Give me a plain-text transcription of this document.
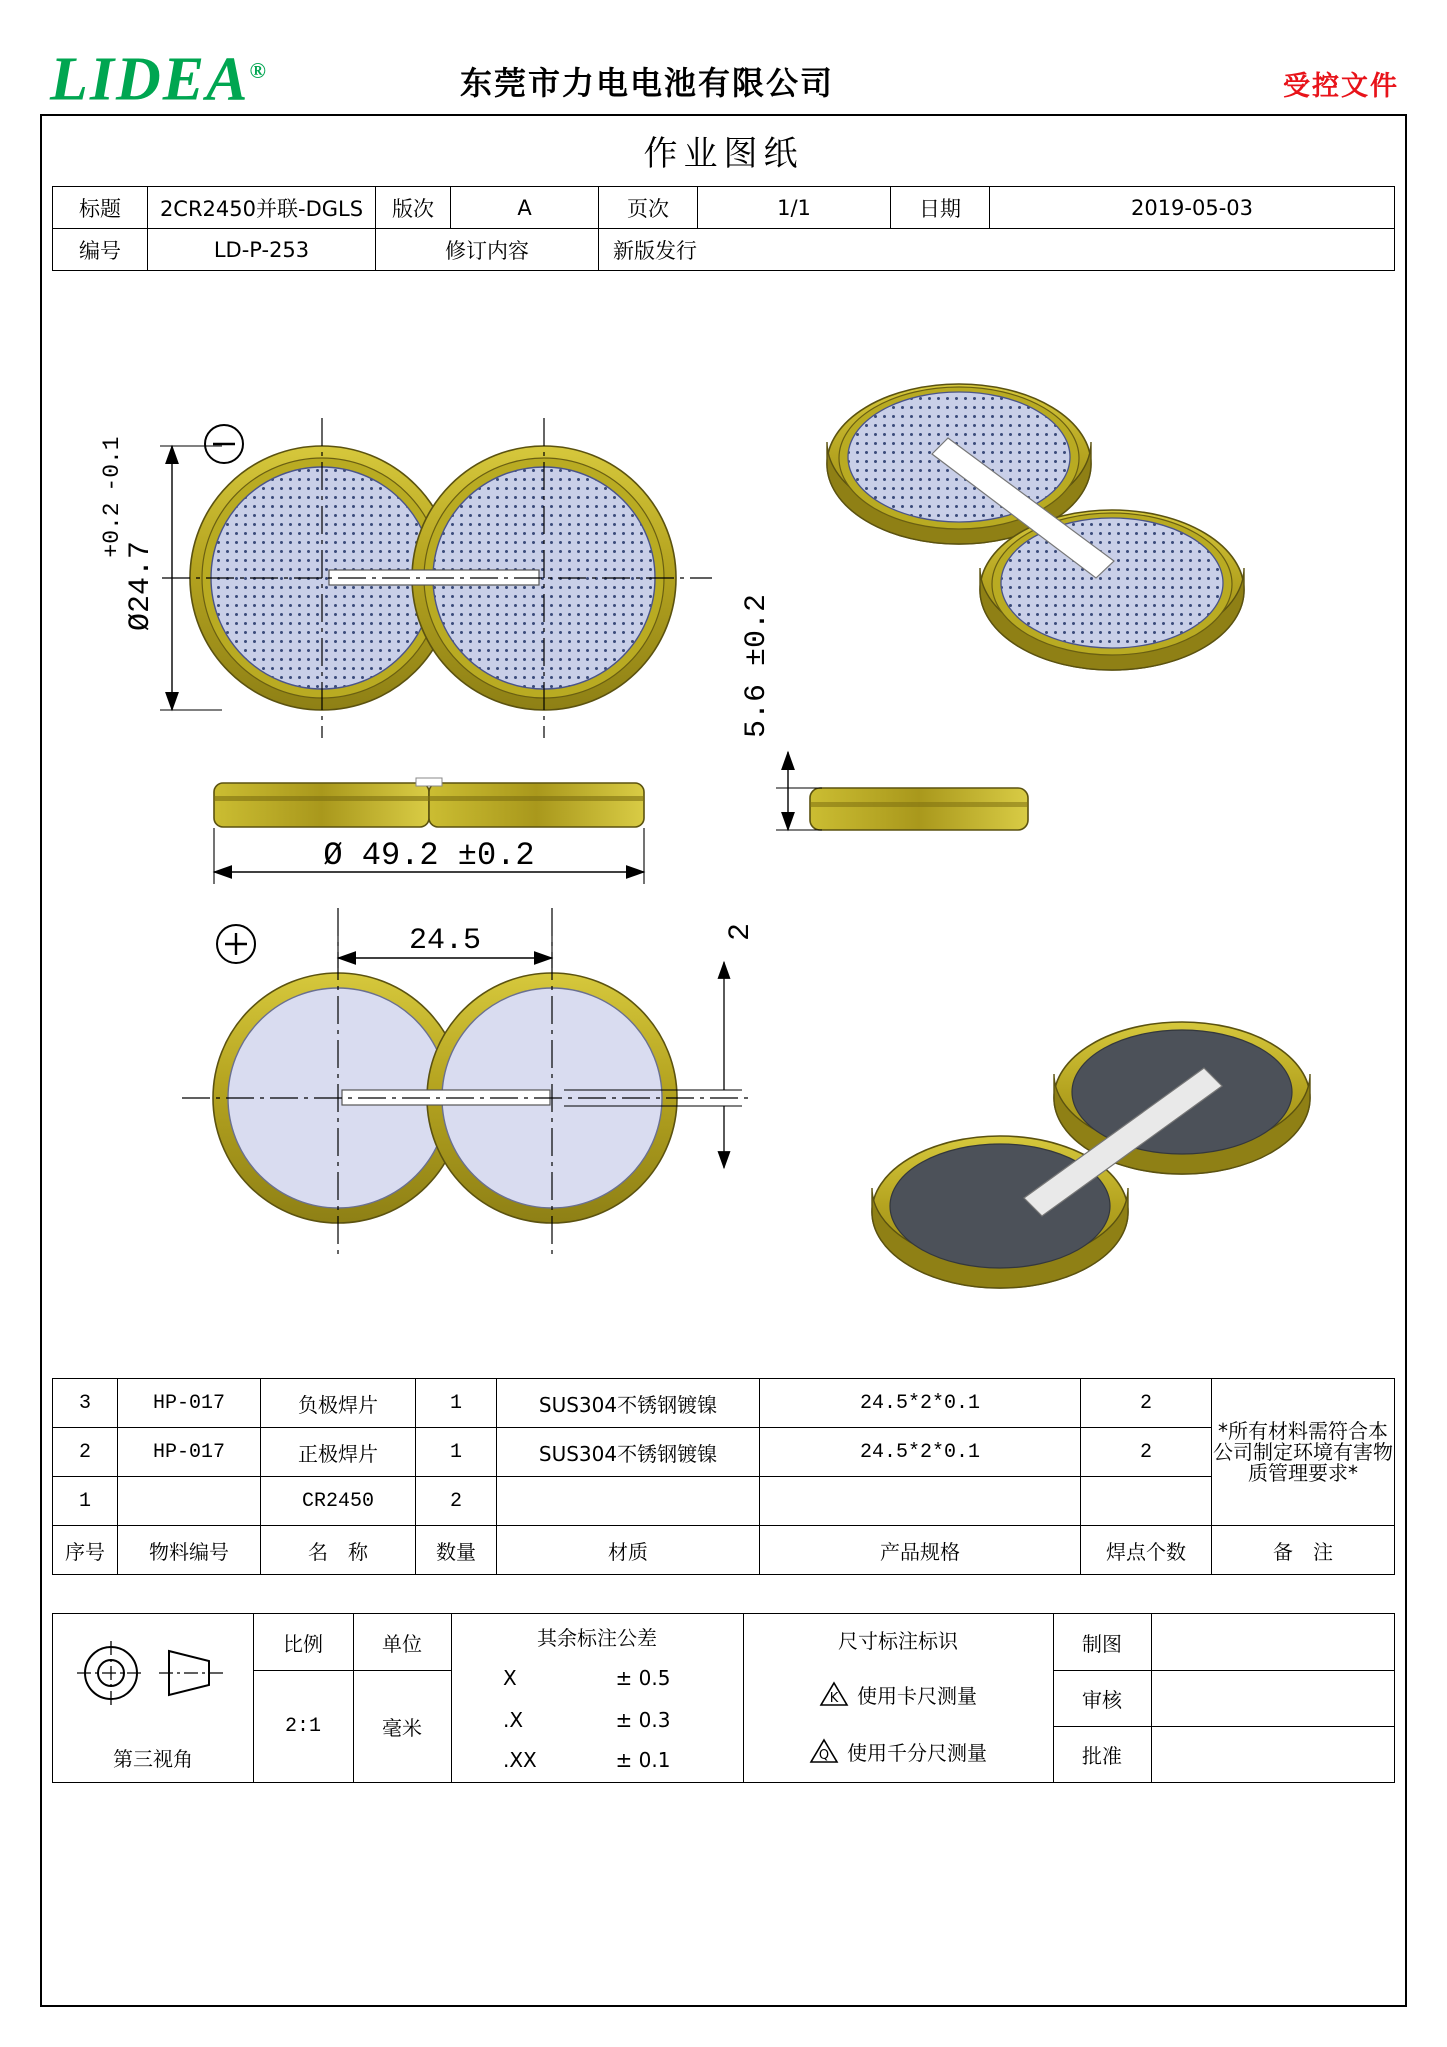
LIDEA®	东莞市力电电池有限公司	受控文件
作业图纸
标题	2CR2450并联-DGLS	版次	A	页次	1/1	日期	2019-05-03
编号	LD-P-253	修订内容		新版发行			
Ø24.7
+0.2
-0.1
Ø 49.2 ±0.2
5.6 ±0.2
24.5	2
3	HP-017	负极焊片	1	SUS304不锈钢镀镍	24.5*2*0.1	2	*所有材料需符合本公司制定环境有害物质管理要求*
2	HP-017	正极焊片	1	SUS304不锈钢镀镍	24.5*2*0.1	2	
1		CR2450	2				
序号	物料编号	名　称	数量	材质	产品规格	焊点个数	备　注
第三视角
比例
2:1
单位
毫米
其余标注公差
X	± 0.5
.X	± 0.3
.XX	± 0.1
尺寸标注标识
K 使用卡尺测量
Q 使用千分尺测量
制图
审核
批准
